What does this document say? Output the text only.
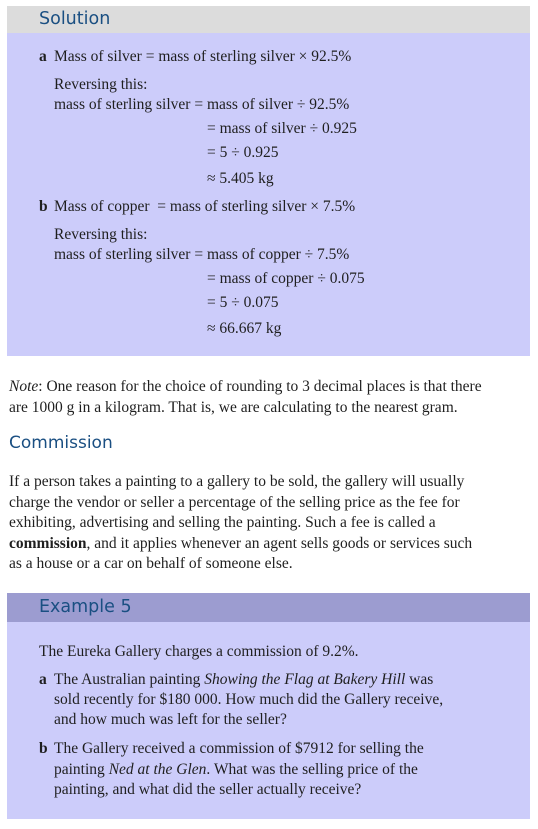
Solution
a Mass of silver = mass of sterling silver × 92.5%
Reversing this:
mass of sterling silver = mass of silver ÷ 92.5%
= mass of silver ÷ 0.925
= 5 ÷ 0.925
≈ 5.405 kg
b Mass of copper  = mass of sterling silver × 7.5%
Reversing this:
mass of sterling silver = mass of copper ÷ 7.5%
= mass of copper ÷ 0.075
= 5 ÷ 0.075
≈ 66.667 kg
Note: One reason for the choice of rounding to 3 decimal places is that there
are 1000 g in a kilogram. That is, we are calculating to the nearest gram.
Commission
If a person takes a painting to a gallery to be sold, the gallery will usually
charge the vendor or seller a percentage of the selling price as the fee for
exhibiting, advertising and selling the painting. Such a fee is called a
commission, and it applies whenever an agent sells goods or services such
as a house or a car on behalf of someone else.
Example 5
The Eureka Gallery charges a commission of 9.2%.
a The Australian painting Showing the Flag at Bakery Hill was
sold recently for $180 000. How much did the Gallery receive,
and how much was left for the seller?
b The Gallery received a commission of $7912 for selling the
painting Ned at the Glen. What was the selling price of the
painting, and what did the seller actually receive?
